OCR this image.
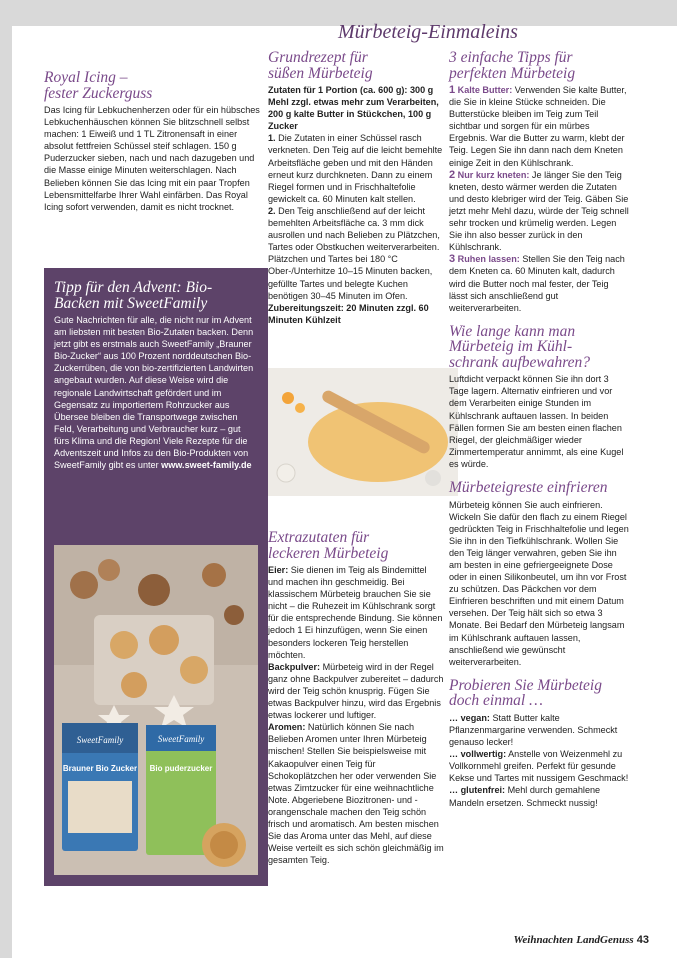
Mürbeteig-Einmaleins
Royal Icing –
fester Zuckerguss
Das Icing für Lebkuchenherzen oder für ein hübsches Lebkuchenhäuschen können Sie blitzschnell selbst machen: 1 Eiweiß und 1 TL Zitronensaft in einer absolut fettfreien Schüssel steif schlagen. 150 g Puderzucker sieben, nach und nach dazugeben und die Masse einige Minuten weiterschlagen. Nach Belieben können Sie das Icing mit ein paar Tropfen Lebensmittelfarbe Ihrer Wahl einfärben. Das Royal Icing sofort verwenden, damit es nicht trocknet.
Tipp für den Advent: Bio-
Backen mit SweetFamily
Gute Nachrichten für alle, die nicht nur im Advent am liebsten mit besten Bio-Zutaten backen. Denn jetzt gibt es erstmals auch SweetFamily „Brauner Bio-Zucker“ aus 100 Prozent norddeutschen Bio-Zuckerrüben, die von bio-zertifizierten Landwirten angebaut wurden. Auf diese Weise wird die regionale Landwirtschaft gefördert und im Gegensatz zu importiertem Rohrzucker aus Übersee bleiben die Transportwege zwischen Feld, Verarbeitung und Verbraucher kurz – gut fürs Klima und die Region! Viele Rezepte für die Adventszeit und Infos zu den Bio-Produkten von SweetFamily gibt es unter www.sweet-family.de
SweetFamily
Brauner Bio Zucker
SweetFamily
Bio puderzucker
Grundrezept für
süßen Mürbeteig

Zutaten für 1 Portion (ca. 600 g): 300 g Mehl zzgl. etwas mehr zum Verarbeiten, 200 g kalte Butter in Stückchen, 100 g Zucker

1. Die Zutaten in einer Schüssel rasch verkneten. Den Teig auf die leicht bemehlte Arbeitsfläche geben und mit den Händen erneut kurz durchkneten. Dann zu einem Riegel formen und in Frischhaltefolie gewickelt ca. 60 Minuten kalt stellen.

2. Den Teig anschließend auf der leicht bemehlten Arbeitsfläche ca. 3 mm dick ausrollen und nach Belieben zu Plätzchen, Tartes oder Obstkuchen weiterverarbeiten. Plätzchen und Tartes bei 180 °C Ober-/Unterhitze 10–15 Minuten backen, gefüllte Tartes und belegte Kuchen benötigen 30–45 Minuten im Ofen.

Zubereitungszeit: 20 Minuten zzgl. 60 Minuten Kühlzeit

Extrazutaten für
leckeren Mürbeteig

Eier: Sie dienen im Teig als Bindemittel und machen ihn geschmeidig. Bei klassischem Mürbeteig brauchen Sie sie nicht – die Ruhezeit im Kühlschrank sorgt für die entsprechende Bindung. Sie können jedoch 1 Ei hinzufügen, wenn Sie einen besonders lockeren Teig herstellen möchten.

Backpulver: Mürbeteig wird in der Regel ganz ohne Backpulver zubereitet – dadurch wird der Teig schön knusprig. Fügen Sie etwas Backpulver hinzu, wird das Ergebnis etwas lockerer und luftiger.

Aromen: Natürlich können Sie nach Belieben Aromen unter Ihren Mürbeteig mischen! Stellen Sie beispielsweise mit Kakaopulver einen Teig für Schokoplätzchen her oder verwenden Sie etwas Zimtzucker für eine weihnachtliche Note. Abgeriebene Biozitronen- und -orangenschale machen den Teig schön frisch und aromatisch. Am besten mischen Sie das Aroma unter das Mehl, auf diese Weise verteilt es sich schön gleichmäßig im gesamten Teig.

3 einfache Tipps für
perfekten Mürbeteig

1 Kalte Butter: Verwenden Sie kalte Butter, die Sie in kleine Stücke schneiden. Die Butterstücke bleiben im Teig zum Teil sichtbar und sorgen für ein mürbes Ergebnis. War die Butter zu warm, klebt der Teig. Legen Sie ihn dann nach dem Kneten einige Zeit in den Kühlschrank.

2 Nur kurz kneten: Je länger Sie den Teig kneten, desto wärmer werden die Zutaten und desto klebriger wird der Teig. Gäben Sie jetzt mehr Mehl dazu, würde der Teig schnell sehr trocken und krümelig werden. Legen Sie ihn also besser zurück in den Kühlschrank.

3 Ruhen lassen: Stellen Sie den Teig nach dem Kneten ca. 60 Minuten kalt, dadurch wird die Butter noch mal fester, der Teig lässt sich anschließend gut weiterverarbeiten.

Wie lange kann man
Mürbeteig im Kühl-
schrank aufbewahren?
Luftdicht verpackt können Sie ihn dort 3 Tage lagern. Alternativ einfrieren und vor dem Verarbeiten einige Stunden im Kühlschrank auftauen lassen. In beiden Fällen formen Sie am besten einen flachen Riegel, der gleichmäßiger wieder Zimmertemperatur annimmt, als eine Kugel es würde.
Mürbeteigreste einfrieren
Mürbeteig können Sie auch einfrieren. Wickeln Sie dafür den flach zu einem Riegel gedrückten Teig in Frischhaltefolie und legen Sie ihn in den Tiefkühlschrank. Wollen Sie den Teig länger verwahren, geben Sie ihn am besten in eine gefriergeeignete Dose oder in einen Silikonbeutel, um ihn vor Frost zu schützen. Das Päckchen vor dem Einfrieren beschriften und mit einem Datum versehen. Der Teig hält sich so etwa 3 Monate. Bei Bedarf den Mürbeteig langsam im Kühlschrank auftauen lassen, anschließend wie gewünscht weiterverarbeiten.
Probieren Sie Mürbeteig
doch einmal …

… vegan: Statt Butter kalte Pflanzenmargarine verwenden. Schmeckt genauso lecker!

… vollwertig: Anstelle von Weizenmehl zu Vollkornmehl greifen. Perfekt für gesunde Kekse und Tartes mit nussigem Geschmack!

… glutenfrei: Mehl durch gemahlene Mandeln ersetzen. Schmeckt nussig!

Weihnachten LandGenuss 43
